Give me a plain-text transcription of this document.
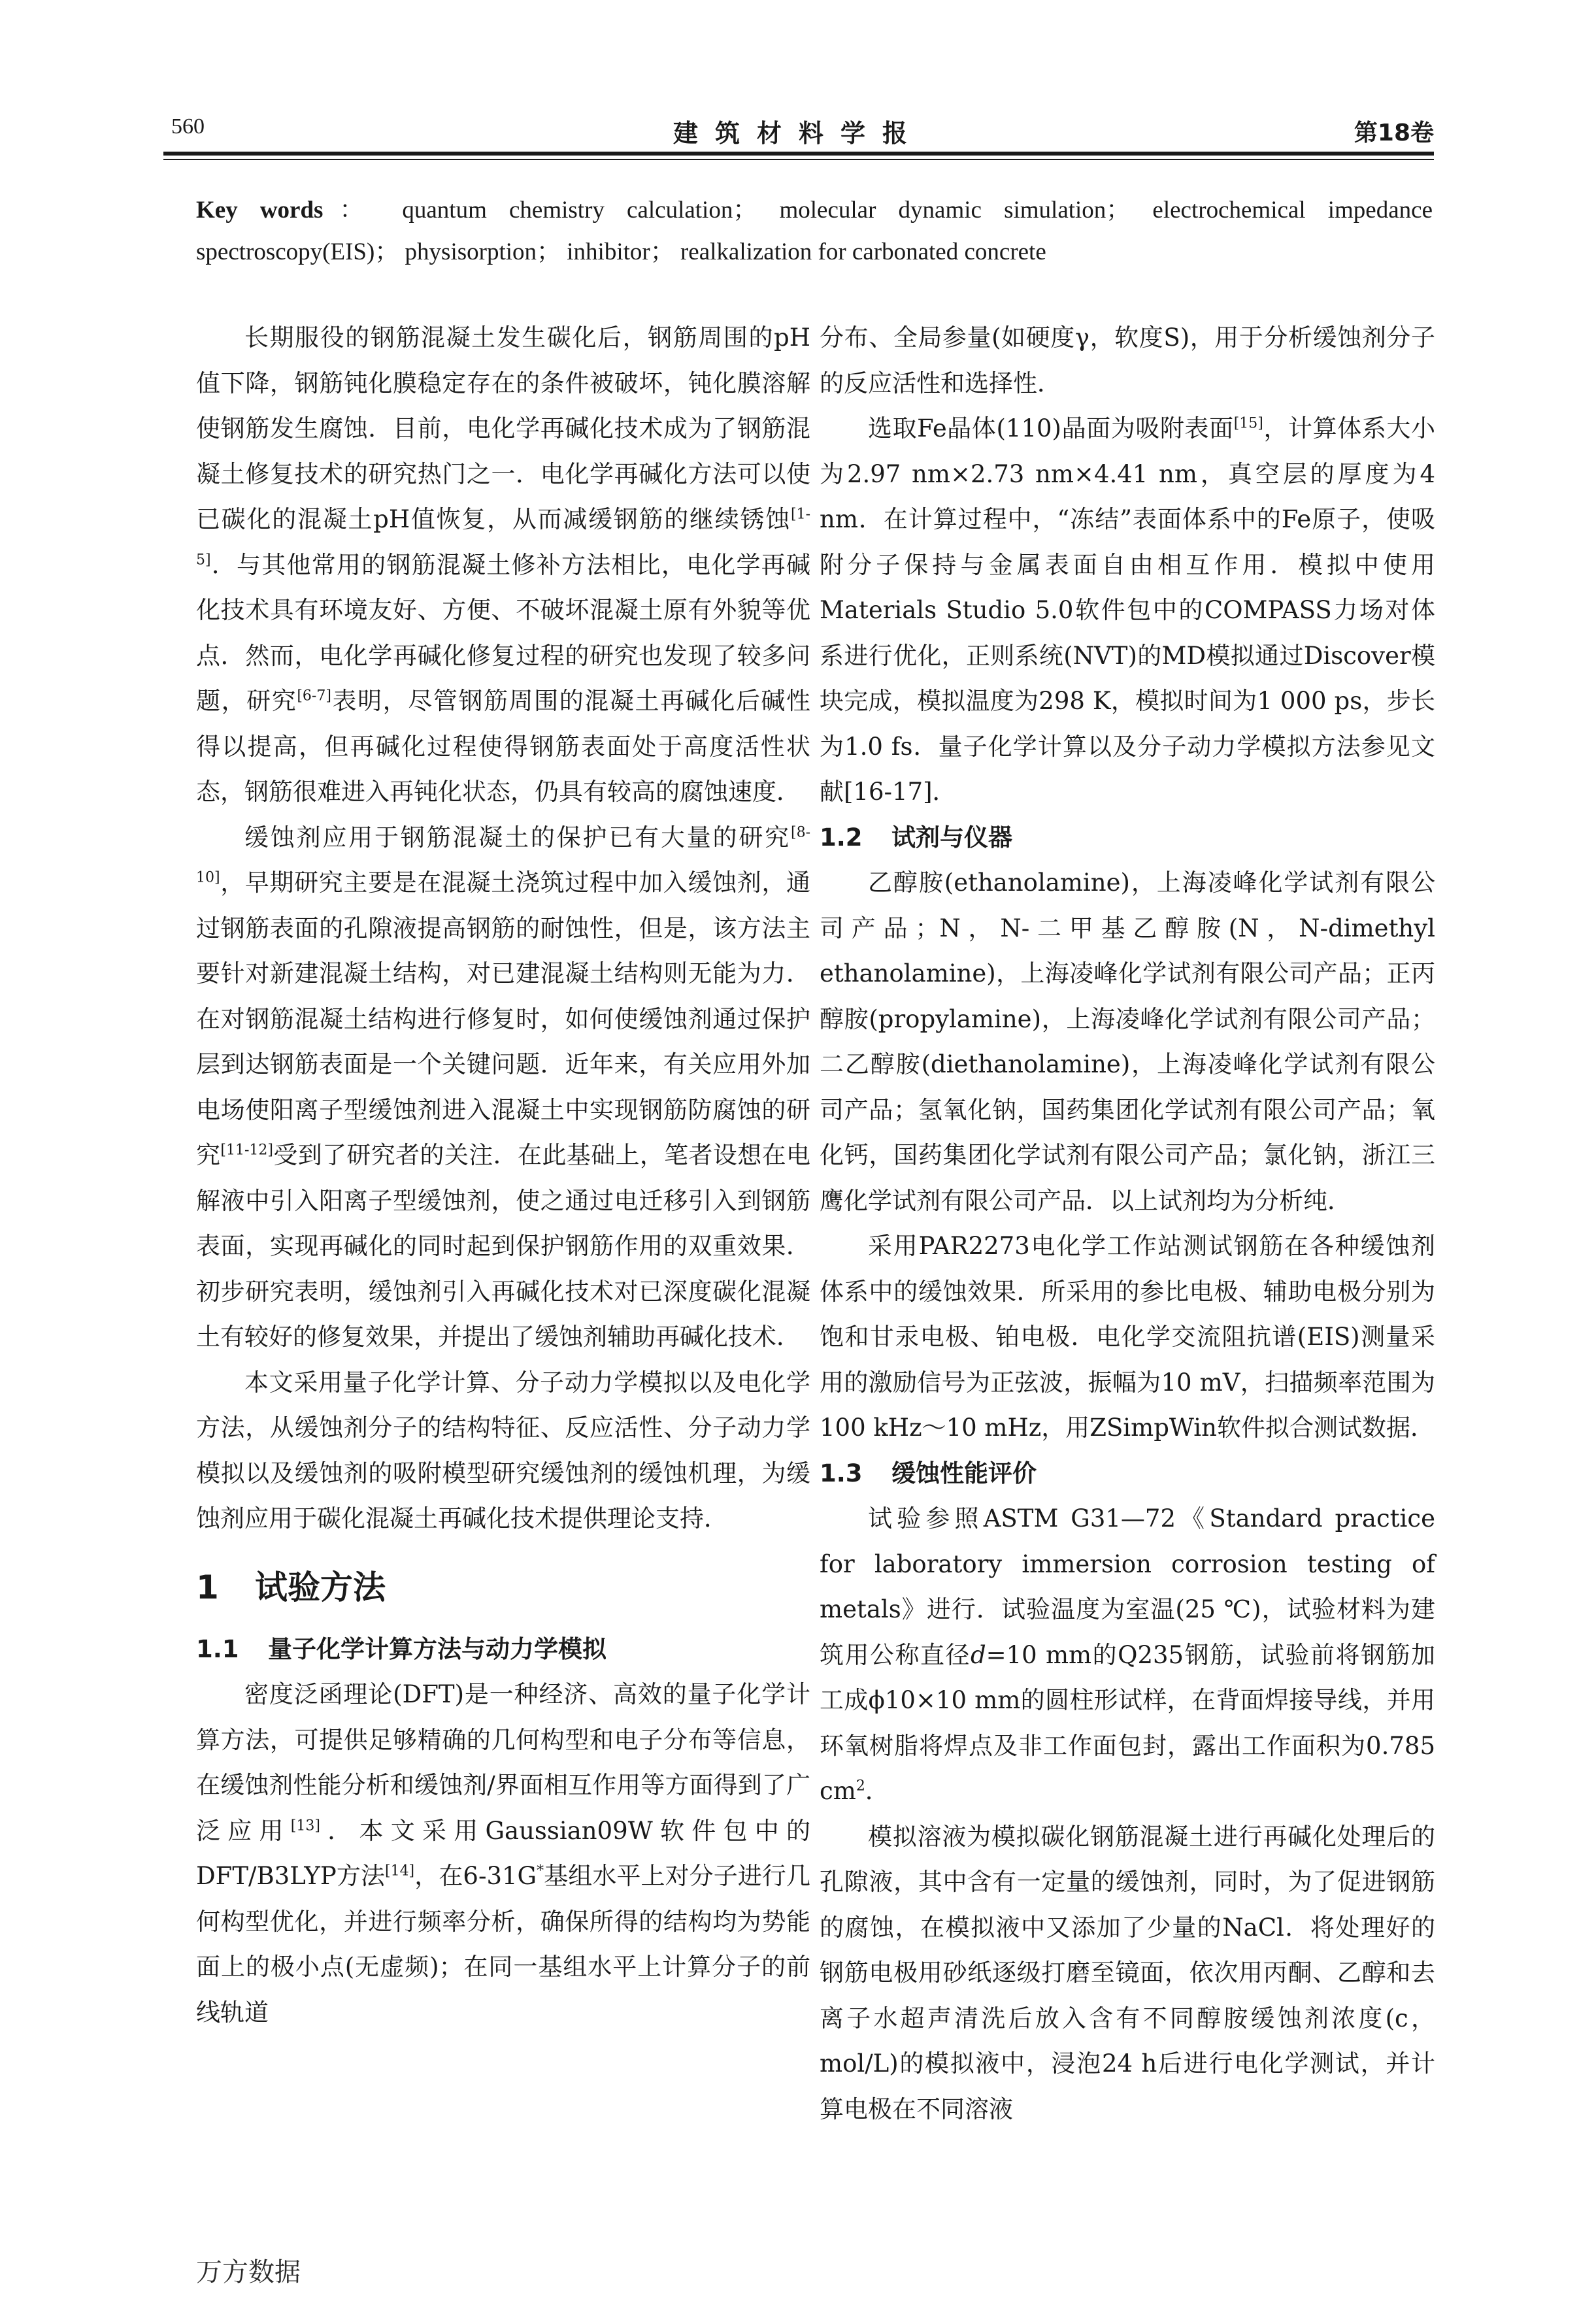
560	建筑材料学报	第18卷
Key words： quantum chemistry calculation； molecular dynamic simulation； electrochemical impedance spectroscopy(EIS)； physisorption； inhibitor； realkalization for carbonated concrete

长期服役的钢筋混凝土发生碳化后，钢筋周围的pH值下降，钢筋钝化膜稳定存在的条件被破坏，钝化膜溶解使钢筋发生腐蚀．目前，电化学再碱化技术成为了钢筋混凝土修复技术的研究热门之一．电化学再碱化方法可以使已碳化的混凝土pH值恢复，从而减缓钢筋的继续锈蚀[1-5]．与其他常用的钢筋混凝土修补方法相比，电化学再碱化技术具有环境友好、方便、不破坏混凝土原有外貌等优点．然而，电化学再碱化修复过程的研究也发现了较多问题，研究[6-7]表明，尽管钢筋周围的混凝土再碱化后碱性得以提高，但再碱化过程使得钢筋表面处于高度活性状态，钢筋很难进入再钝化状态，仍具有较高的腐蚀速度．

缓蚀剂应用于钢筋混凝土的保护已有大量的研究[8-10]，早期研究主要是在混凝土浇筑过程中加入缓蚀剂，通过钢筋表面的孔隙液提高钢筋的耐蚀性，但是，该方法主要针对新建混凝土结构，对已建混凝土结构则无能为力．在对钢筋混凝土结构进行修复时，如何使缓蚀剂通过保护层到达钢筋表面是一个关键问题．近年来，有关应用外加电场使阳离子型缓蚀剂进入混凝土中实现钢筋防腐蚀的研究[11-12]受到了研究者的关注．在此基础上，笔者设想在电解液中引入阳离子型缓蚀剂，使之通过电迁移引入到钢筋表面，实现再碱化的同时起到保护钢筋作用的双重效果．初步研究表明，缓蚀剂引入再碱化技术对已深度碳化混凝土有较好的修复效果，并提出了缓蚀剂辅助再碱化技术．

本文采用量子化学计算、分子动力学模拟以及电化学方法，从缓蚀剂分子的结构特征、反应活性、分子动力学模拟以及缓蚀剂的吸附模型研究缓蚀剂的缓蚀机理，为缓蚀剂应用于碳化混凝土再碱化技术提供理论支持．

1 试验方法
1.1 量子化学计算方法与动力学模拟

密度泛函理论(DFT)是一种经济、高效的量子化学计算方法，可提供足够精确的几何构型和电子分布等信息，在缓蚀剂性能分析和缓蚀剂/界面相互作用等方面得到了广泛应用[13]．本文采用Gaussian09W软件包中的DFT/B3LYP方法[14]，在6-31G*基组水平上对分子进行几何构型优化，并进行频率分析，确保所得的结构均为势能面上的极小点(无虚频)；在同一基组水平上计算分子的前线轨道

分布、全局参量(如硬度γ，软度S)，用于分析缓蚀剂分子的反应活性和选择性．

选取Fe晶体(110)晶面为吸附表面[15]，计算体系大小为2.97 nm×2.73 nm×4.41 nm，真空层的厚度为4 nm．在计算过程中，“冻结”表面体系中的Fe原子，使吸附分子保持与金属表面自由相互作用．模拟中使用Materials Studio 5.0软件包中的COMPASS力场对体系进行优化，正则系统(NVT)的MD模拟通过Discover模块完成，模拟温度为298 K，模拟时间为1 000 ps，步长为1.0 fs．量子化学计算以及分子动力学模拟方法参见文献[16-17]．

1.2 试剂与仪器

乙醇胺(ethanolamine)，上海凌峰化学试剂有限公司产品；N，N-二甲基乙醇胺(N，N-dimethyl ethanolamine)，上海凌峰化学试剂有限公司产品；正丙醇胺(propylamine)，上海凌峰化学试剂有限公司产品；二乙醇胺(diethanolamine)，上海凌峰化学试剂有限公司产品；氢氧化钠，国药集团化学试剂有限公司产品；氧化钙，国药集团化学试剂有限公司产品；氯化钠，浙江三鹰化学试剂有限公司产品．以上试剂均为分析纯．

采用PAR2273电化学工作站测试钢筋在各种缓蚀剂体系中的缓蚀效果．所采用的参比电极、辅助电极分别为饱和甘汞电极、铂电极．电化学交流阻抗谱(EIS)测量采用的激励信号为正弦波，振幅为10 mV，扫描频率范围为100 kHz～10 mHz，用ZSimpWin软件拟合测试数据．

1.3 缓蚀性能评价

试验参照ASTM G31—72《Standard practice for laboratory immersion corrosion testing of metals》进行．试验温度为室温(25 ℃)，试验材料为建筑用公称直径d=10 mm的Q235钢筋，试验前将钢筋加工成ϕ10×10 mm的圆柱形试样，在背面焊接导线，并用环氧树脂将焊点及非工作面包封，露出工作面积为0.785 $cm^2$．

模拟溶液为模拟碳化钢筋混凝土进行再碱化处理后的孔隙液，其中含有一定量的缓蚀剂，同时，为了促进钢筋的腐蚀，在模拟液中又添加了少量的NaCl．将处理好的钢筋电极用砂纸逐级打磨至镜面，依次用丙酮、乙醇和去离子水超声清洗后放入含有不同醇胺缓蚀剂浓度(c，mol/L)的模拟液中，浸泡24 h后进行电化学测试，并计算电极在不同溶液

万方数据
